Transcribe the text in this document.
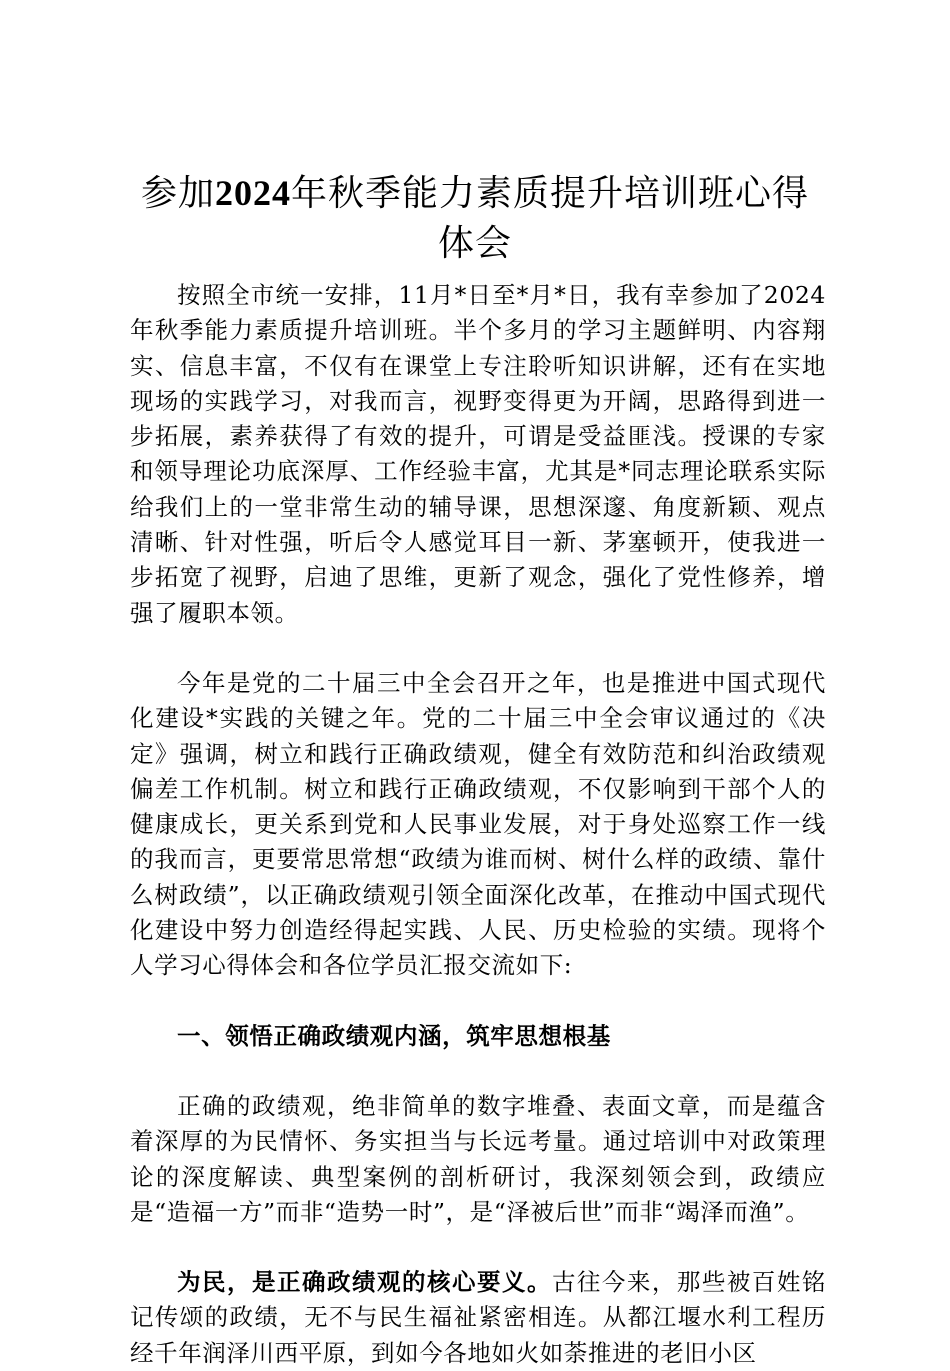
参加2024年秋季能力素质提升培训班心得体会

按照全市统一安排，11月*日至*月*日，我有幸参加了2024年秋季能力素质提升培训班。半个多月的学习主题鲜明、内容翔实、信息丰富，不仅有在课堂上专注聆听知识讲解，还有在实地现场的实践学习，对我而言，视野变得更为开阔，思路得到进一步拓展，素养获得了有效的提升，可谓是受益匪浅。授课的专家和领导理论功底深厚、工作经验丰富，尤其是*同志理论联系实际给我们上的一堂非常生动的辅导课，思想深邃、角度新颖、观点清晰、针对性强，听后令人感觉耳目一新、茅塞顿开，使我进一步拓宽了视野，启迪了思维，更新了观念，强化了党性修养，增强了履职本领。

今年是党的二十届三中全会召开之年，也是推进中国式现代化建设*实践的关键之年。党的二十届三中全会审议通过的《决定》强调，树立和践行正确政绩观，健全有效防范和纠治政绩观偏差工作机制。树立和践行正确政绩观，不仅影响到干部个人的健康成长，更关系到党和人民事业发展，对于身处巡察工作一线的我而言，更要常思常想“政绩为谁而树、树什么样的政绩、靠什么树政绩”，以正确政绩观引领全面深化改革，在推动中国式现代化建设中努力创造经得起实践、人民、历史检验的实绩。现将个人学习心得体会和各位学员汇报交流如下:

一、领悟正确政绩观内涵，筑牢思想根基

正确的政绩观，绝非简单的数字堆叠、表面文章，而是蕴含着深厚的为民情怀、务实担当与长远考量。通过培训中对政策理论的深度解读、典型案例的剖析研讨，我深刻领会到，政绩应是“造福一方”而非“造势一时”，是“泽被后世”而非“竭泽而渔”。

为民，是正确政绩观的核心要义。古往今来，那些被百姓铭记传颂的政绩，无不与民生福祉紧密相连。从都江堰水利工程历经千年润泽川西平原，到如今各地如火如荼推进的老旧小区
